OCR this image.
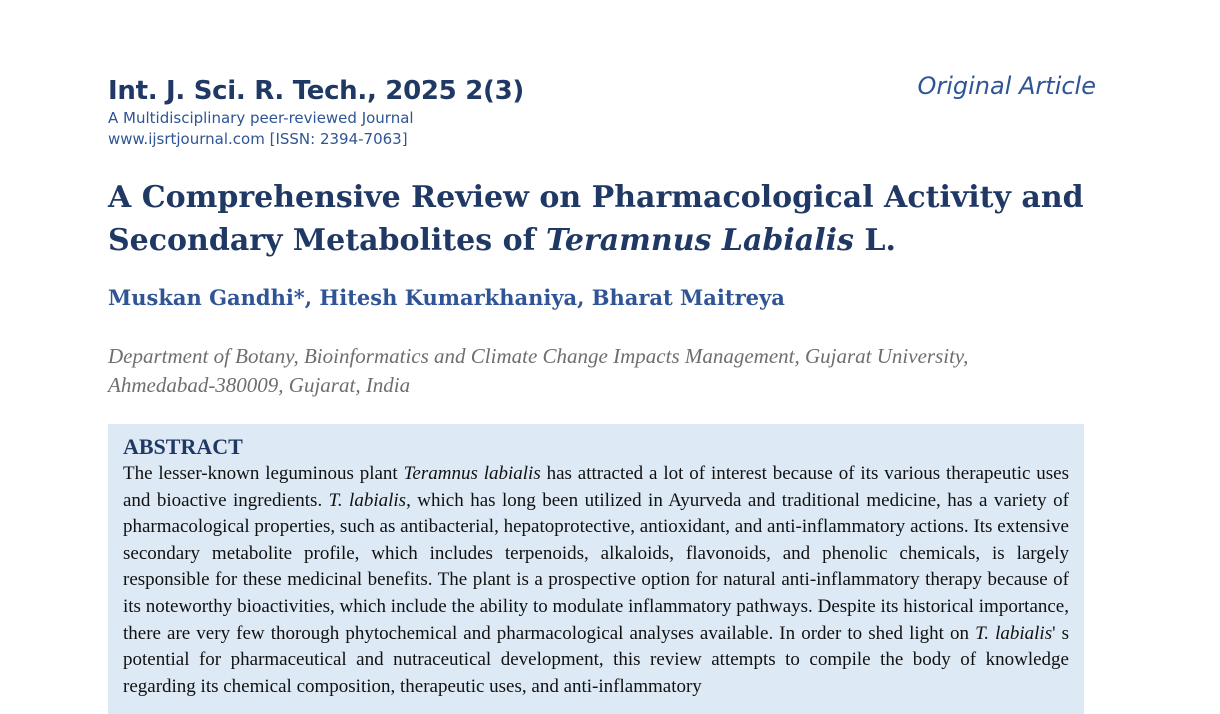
Int. J. Sci. R. Tech., 2025 2(3)
A Multidisciplinary peer-reviewed Journal
www.ijsrtjournal.com [ISSN: 2394-7063]
Original Article
A Comprehensive Review on Pharmacological Activity and Secondary Metabolites of Teramnus Labialis L.
Muskan Gandhi*, Hitesh Kumarkhaniya, Bharat Maitreya
Department of Botany, Bioinformatics and Climate Change Impacts Management, Gujarat University, Ahmedabad-380009, Gujarat, India
ABSTRACT
The lesser-known leguminous plant Teramnus labialis has attracted a lot of interest because of its various therapeutic uses and bioactive ingredients. T. labialis, which has long been utilized in Ayurveda and traditional medicine, has a variety of pharmacological properties, such as antibacterial, hepatoprotective, antioxidant, and anti-inflammatory actions. Its extensive secondary metabolite profile, which includes terpenoids, alkaloids, flavonoids, and phenolic chemicals, is largely responsible for these medicinal benefits. The plant is a prospective option for natural anti-inflammatory therapy because of its noteworthy bioactivities, which include the ability to modulate inflammatory pathways. Despite its historical importance, there are very few thorough phytochemical and pharmacological analyses available. In order to shed light on T. labialis' s potential for pharmaceutical and nutraceutical development, this review attempts to compile the body of knowledge regarding its chemical composition, therapeutic uses, and anti-inflammatory
